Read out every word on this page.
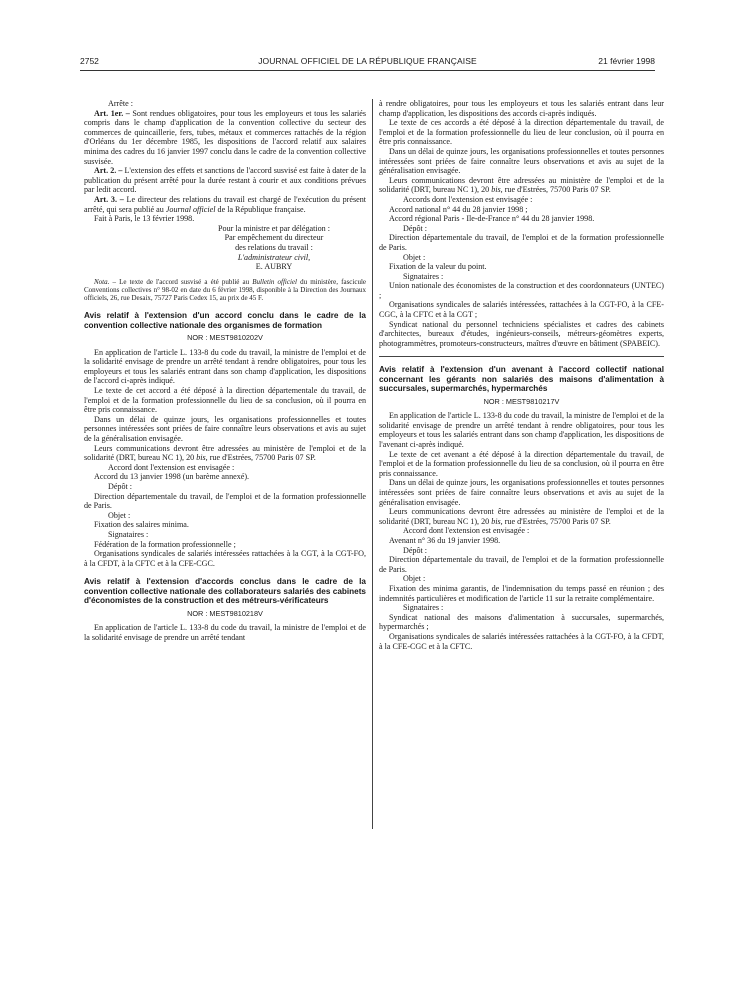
2752	JOURNAL OFFICIEL DE LA RÉPUBLIQUE FRANÇAISE	21 février 1998

Arrête :

Art. 1er. – Sont rendues obligatoires, pour tous les employeurs et tous les salariés compris dans le champ d'application de la convention collective du secteur des commerces de quincaillerie, fers, tubes, métaux et commerces rattachés de la région d'Orléans du 1er décembre 1985, les dispositions de l'accord relatif aux salaires minima des cadres du 16 janvier 1997 conclu dans le cadre de la convention collective susvisée.

Art. 2. – L'extension des effets et sanctions de l'accord susvisé est faite à dater de la publication du présent arrêté pour la durée restant à courir et aux conditions prévues par ledit accord.

Art. 3. – Le directeur des relations du travail est chargé de l'exécution du présent arrêté, qui sera publié au Journal officiel de la République française.

Fait à Paris, le 13 février 1998.

Pour la ministre et par délégation :

Par empêchement du directeur

des relations du travail :

L'administrateur civil,

E. AUBRY

Nota. – Le texte de l'accord susvisé a été publié au Bulletin officiel du ministère, fascicule Conventions collectives n° 98-02 en date du 6 février 1998, disponible à la Direction des Journaux officiels, 26, rue Desaix, 75727 Paris Cedex 15, au prix de 45 F.

Avis relatif à l'extension d'un accord conclu dans le cadre de la convention collective nationale des organismes de formation

NOR : MEST9810202V

En application de l'article L. 133-8 du code du travail, la ministre de l'emploi et de la solidarité envisage de prendre un arrêté tendant à rendre obligatoires, pour tous les employeurs et tous les salariés entrant dans son champ d'application, les dispositions de l'accord ci-après indiqué.

Le texte de cet accord a été déposé à la direction départementale du travail, de l'emploi et de la formation professionnelle du lieu de sa conclusion, où il pourra en être pris connaissance.

Dans un délai de quinze jours, les organisations professionnelles et toutes personnes intéressées sont priées de faire connaître leurs observations et avis au sujet de la généralisation envisagée.

Leurs communications devront être adressées au ministère de l'emploi et de la solidarité (DRT, bureau NC 1), 20 bis, rue d'Estrées, 75700 Paris 07 SP.

Accord dont l'extension est envisagée :

Accord du 13 janvier 1998 (un barème annexé).

Dépôt :

Direction départementale du travail, de l'emploi et de la formation professionnelle de Paris.

Objet :

Fixation des salaires minima.

Signataires :

Fédération de la formation professionnelle ;

Organisations syndicales de salariés intéressées rattachées à la CGT, à la CGT-FO, à la CFDT, à la CFTC et à la CFE-CGC.

Avis relatif à l'extension d'accords conclus dans le cadre de la convention collective nationale des collaborateurs salariés des cabinets d'économistes de la construction et des métreurs-vérificateurs

NOR : MEST9810218V

En application de l'article L. 133-8 du code du travail, la ministre de l'emploi et de la solidarité envisage de prendre un arrêté tendant

à rendre obligatoires, pour tous les employeurs et tous les salariés entrant dans leur champ d'application, les dispositions des accords ci-après indiqués.

Le texte de ces accords a été déposé à la direction départementale du travail, de l'emploi et de la formation professionnelle du lieu de leur conclusion, où il pourra en être pris connaissance.

Dans un délai de quinze jours, les organisations professionnelles et toutes personnes intéressées sont priées de faire connaître leurs observations et avis au sujet de la généralisation envisagée.

Leurs communications devront être adressées au ministère de l'emploi et de la solidarité (DRT, bureau NC 1), 20 bis, rue d'Estrées, 75700 Paris 07 SP.

Accords dont l'extension est envisagée :

Accord national n° 44 du 28 janvier 1998 ;

Accord régional Paris - Ile-de-France n° 44 du 28 janvier 1998.

Dépôt :

Direction départementale du travail, de l'emploi et de la formation professionnelle de Paris.

Objet :

Fixation de la valeur du point.

Signataires :

Union nationale des économistes de la construction et des coordonnateurs (UNTEC) ;

Organisations syndicales de salariés intéressées, rattachées à la CGT-FO, à la CFE-CGC, à la CFTC et à la CGT ;

Syndicat national du personnel techniciens spécialistes et cadres des cabinets d'architectes, bureaux d'études, ingénieurs-conseils, métreurs-géomètres experts, photogrammètres, promoteurs-constructeurs, maîtres d'œuvre en bâtiment (SPABEIC).

Avis relatif à l'extension d'un avenant à l'accord collectif national concernant les gérants non salariés des maisons d'alimentation à succursales, supermarchés, hypermarchés

NOR : MEST9810217V

En application de l'article L. 133-8 du code du travail, la ministre de l'emploi et de la solidarité envisage de prendre un arrêté tendant à rendre obligatoires, pour tous les employeurs et tous les salariés entrant dans son champ d'application, les dispositions de l'avenant ci-après indiqué.

Le texte de cet avenant a été déposé à la direction départementale du travail, de l'emploi et de la formation professionnelle du lieu de sa conclusion, où il pourra en être pris connaissance.

Dans un délai de quinze jours, les organisations professionnelles et toutes personnes intéressées sont priées de faire connaître leurs observations et avis au sujet de la généralisation envisagée.

Leurs communications devront être adressées au ministère de l'emploi et de la solidarité (DRT, bureau NC 1), 20 bis, rue d'Estrées, 75700 Paris 07 SP.

Accord dont l'extension est envisagée :

Avenant n° 36 du 19 janvier 1998.

Dépôt :

Direction départementale du travail, de l'emploi et de la formation professionnelle de Paris.

Objet :

Fixation des minima garantis, de l'indemnisation du temps passé en réunion ; des indemnités particulières et modification de l'article 11 sur la retraite complémentaire.

Signataires :

Syndicat national des maisons d'alimentation à succursales, supermarchés, hypermarchés ;

Organisations syndicales de salariés intéressées rattachées à la CGT-FO, à la CFDT, à la CFE-CGC et à la CFTC.
